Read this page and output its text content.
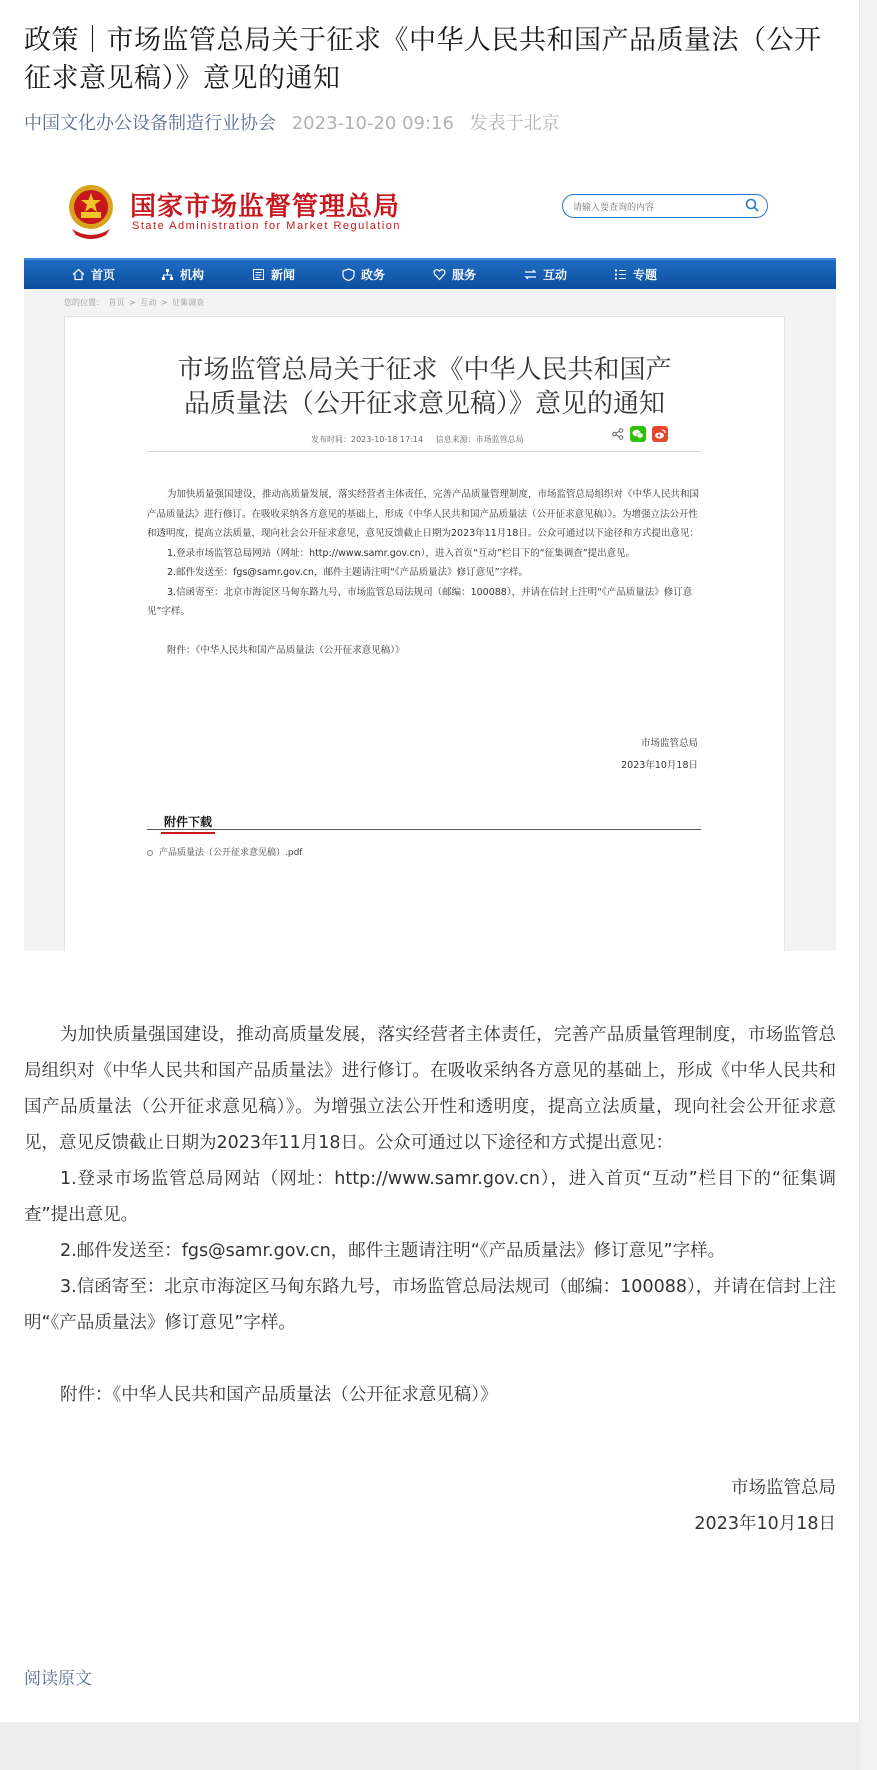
政策｜市场监管总局关于征求《中华人民共和国产品质量法（公开征求意见稿）》意见的通知
中国文化办公设备制造行业协会 2023-10-20 09:16 发表于北京
国家市场监督管理总局
State Administration for Market Regulation
请输入要查询的内容
首页	机构	新闻	政务	服务	互动	专题
您的位置： 首页 > 互动 > 征集调查
市场监管总局关于征求《中华人民共和国产品质量法（公开征求意见稿）》意见的通知
发布时间：2023-10-18 17:14 信息来源：市场监管总局

为加快质量强国建设，推动高质量发展，落实经营者主体责任，完善产品质量管理制度，市场监管总局组织对《中华人民共和国产品质量法》进行修订。在吸收采纳各方意见的基础上，形成《中华人民共和国产品质量法（公开征求意见稿）》。为增强立法公开性和透明度，提高立法质量，现向社会公开征求意见，意见反馈截止日期为2023年11月18日。公众可通过以下途径和方式提出意见：

1.登录市场监管总局网站（网址：http://www.samr.gov.cn），进入首页“互动”栏目下的“征集调查”提出意见。

2.邮件发送至：fgs@samr.gov.cn，邮件主题请注明“《产品质量法》修订意见”字样。

3.信函寄至：北京市海淀区马甸东路九号，市场监管总局法规司（邮编：100088），并请在信封上注明“《产品质量法》修订意见”字样。

附件：《中华人民共和国产品质量法（公开征求意见稿）》

市场监管总局
2023年10月18日
附件下载
产品质量法（公开征求意见稿）.pdf

为加快质量强国建设，推动高质量发展，落实经营者主体责任，完善产品质量管理制度，市场监管总局组织对《中华人民共和国产品质量法》进行修订。在吸收采纳各方意见的基础上，形成《中华人民共和国产品质量法（公开征求意见稿）》。为增强立法公开性和透明度，提高立法质量，现向社会公开征求意见，意见反馈截止日期为2023年11月18日。公众可通过以下途径和方式提出意见：

1.登录市场监管总局网站（网址：http://www.samr.gov.cn），进入首页“互动”栏目下的“征集调查”提出意见。

2.邮件发送至：fgs@samr.gov.cn，邮件主题请注明“《产品质量法》修订意见”字样。

3.信函寄至：北京市海淀区马甸东路九号，市场监管总局法规司（邮编：100088），并请在信封上注明“《产品质量法》修订意见”字样。

附件：《中华人民共和国产品质量法（公开征求意见稿）》

市场监管总局
2023年10月18日
阅读原文
